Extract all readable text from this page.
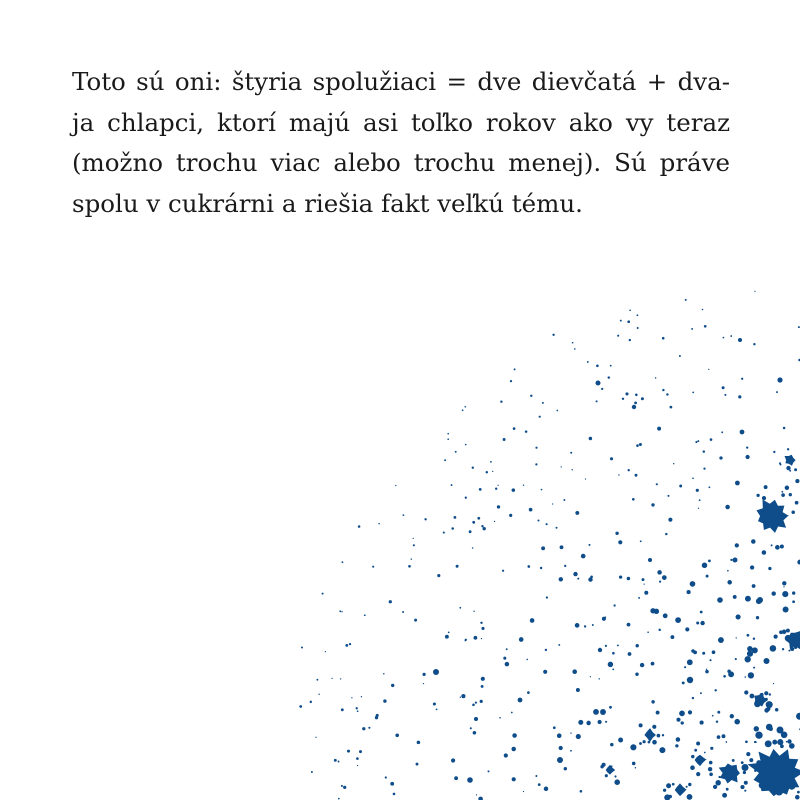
Toto sú oni: štyria spolužiaci = dve dievčatá + dva-
ja chlapci, ktorí majú asi toľko rokov ako vy teraz
(možno trochu viac alebo trochu menej). Sú práve
spolu v cukrárni a riešia fakt veľkú tému.
